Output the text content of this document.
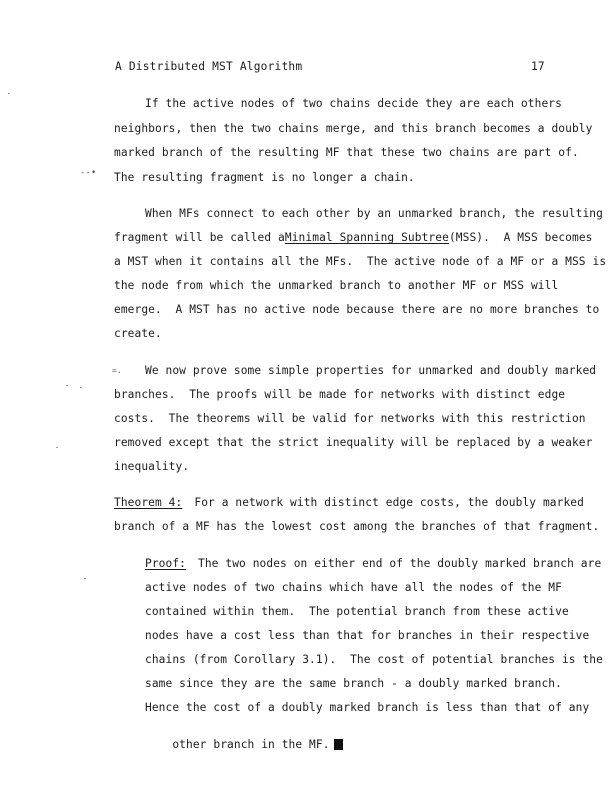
A Distributed MST Algorithm	17
--•
=.
If the active nodes of two chains decide they are each others
neighbors, then the two chains merge, and this branch becomes a doubly
marked branch of the resulting MF that these two chains are part of.
The resulting fragment is no longer a chain.
When MFs connect to each other by an unmarked branch, the resulting
fragment will be called a Minimal Spanning Subtree (MSS).  A MSS becomes
a MST when it contains all the MFs.  The active node of a MF or a MSS is
the node from which the unmarked branch to another MF or MSS will
emerge.  A MST has no active node because there are no more branches to
create.
We now prove some simple properties for unmarked and doubly marked
branches.  The proofs will be made for networks with distinct edge
costs.  The theorems will be valid for networks with this restriction
removed except that the strict inequality will be replaced by a weaker
inequality.
Theorem 4: For a network with distinct edge costs, the doubly marked
branch of a MF has the lowest cost among the branches of that fragment.
Proof: The two nodes on either end of the doubly marked branch are
active nodes of two chains which have all the nodes of the MF
contained within them.  The potential branch from these active
nodes have a cost less than that for branches in their respective
chains (from Corollary 3.1).  The cost of potential branches is the
same since they are the same branch - a doubly marked branch.
Hence the cost of a doubly marked branch is less than that of any

other branch in the MF.
